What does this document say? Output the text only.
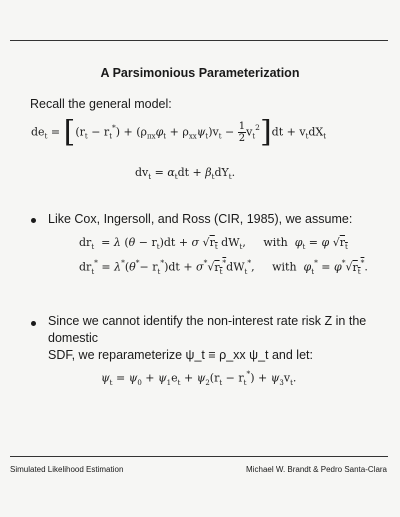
A Parsimonious Parameterization
Recall the general model:
$de_t = [(r_t - r_t^*) + (\rho_{\pi x}\varphi_t + \rho_{xx}\psi_t)v_t - \frac{1}{2} v_t^2]dt + v_tdX_t$
$dv_t = \alpha_tdt + \beta_tdY_t$.
Like Cox, Ingersoll, and Ross (CIR, 1985), we assume:
$dr_t = \lambda$ $(\theta - r_t)dt + \sigma$ $√r_t$ $dW_t$,     with  $\varphi_t = \varphi$ $√r_t$
$dr_t^* = \lambda^*(\theta^*- r_t^*)dt + \sigma^*√r_t^*dW_t^*$,     with  $\varphi_t^* = \varphi^*√r_t^*$.
Since we cannot identify the non-interest rate risk Z in the domestic
SDF, we reparameterize ψ_t ≡ ρ_xx ψ_t and let:
$\psi_t = \psi_0 + \psi_1e_t + \psi_2(r_t - r_t^*) + \psi_3v_t$.
Simulated Likelihood Estimation	Michael W. Brandt & Pedro Santa-Clara
